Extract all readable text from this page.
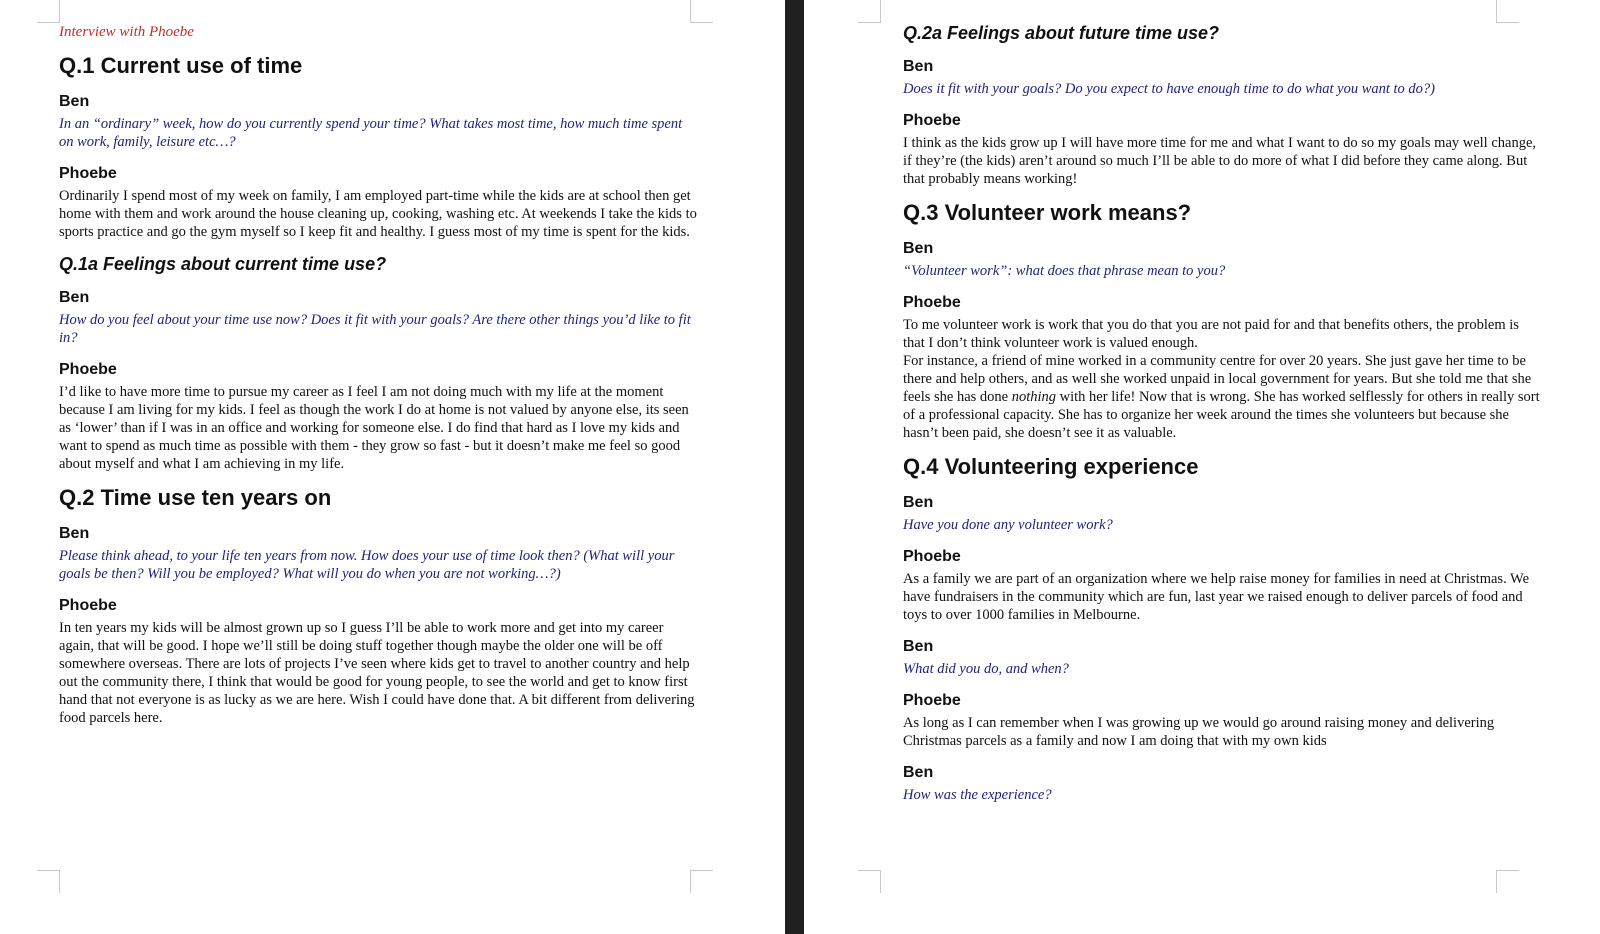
Interview with Phoebe
Q.1 Current use of time
Ben

In an “ordinary” week, how do you currently spend your time? What takes most time, how much time spent on work, family, leisure etc…?

Phoebe

Ordinarily I spend most of my week on family, I am employed part-time while the kids are at school then get home with them and work around the house cleaning up, cooking, washing etc. At weekends I take the kids to sports practice and go the gym myself so I keep fit and healthy. I guess most of my time is spent for the kids.

Q.1a Feelings about current time use?
Ben

How do you feel about your time use now? Does it fit with your goals? Are there other things you’d like to fit in?

Phoebe

I’d like to have more time to pursue my career as I feel I am not doing much with my life at the moment because I am living for my kids. I feel as though the work I do at home is not valued by anyone else, its seen as ‘lower’ than if I was in an office and working for someone else. I do find that hard as I love my kids and want to spend as much time as possible with them - they grow so fast - but it doesn’t make me feel so good about myself and what I am achieving in my life.

Q.2 Time use ten years on
Ben

Please think ahead, to your life ten years from now. How does your use of time look then? (What will your goals be then? Will you be employed? What will you do when you are not working…?)

Phoebe

In ten years my kids will be almost grown up so I guess I’ll be able to work more and get into my career again, that will be good. I hope we’ll still be doing stuff together though maybe the older one will be off somewhere overseas. There are lots of projects I’ve seen where kids get to travel to another country and help out the community there, I think that would be good for young people, to see the world and get to know first hand that not everyone is as lucky as we are here. Wish I could have done that. A bit different from delivering food parcels here.

Q.2a Feelings about future time use?
Ben

Does it fit with your goals? Do you expect to have enough time to do what you want to do?)

Phoebe

I think as the kids grow up I will have more time for me and what I want to do so my goals may well change, if they’re (the kids) aren’t around so much I’ll be able to do more of what I did before they came along. But that probably means working!

Q.3 Volunteer work means?
Ben

“Volunteer work”: what does that phrase mean to you?

Phoebe

To me volunteer work is work that you do that you are not paid for and that benefits others, the problem is that I don’t think volunteer work is valued enough.

For instance, a friend of mine worked in a community centre for over 20 years. She just gave her time to be there and help others, and as well she worked unpaid in local government for years. But she told me that she feels she has done nothing with her life! Now that is wrong. She has worked selflessly for others in really sort of a professional capacity. She has to organize her week around the times she volunteers but because she hasn’t been paid, she doesn’t see it as valuable.

Q.4 Volunteering experience
Ben

Have you done any volunteer work?

Phoebe

As a family we are part of an organization where we help raise money for families in need at Christmas. We have fundraisers in the community which are fun, last year we raised enough to deliver parcels of food and toys to over 1000 families in Melbourne.

Ben

What did you do, and when?

Phoebe

As long as I can remember when I was growing up we would go around raising money and delivering Christmas parcels as a family and now I am doing that with my own kids

Ben

How was the experience?
